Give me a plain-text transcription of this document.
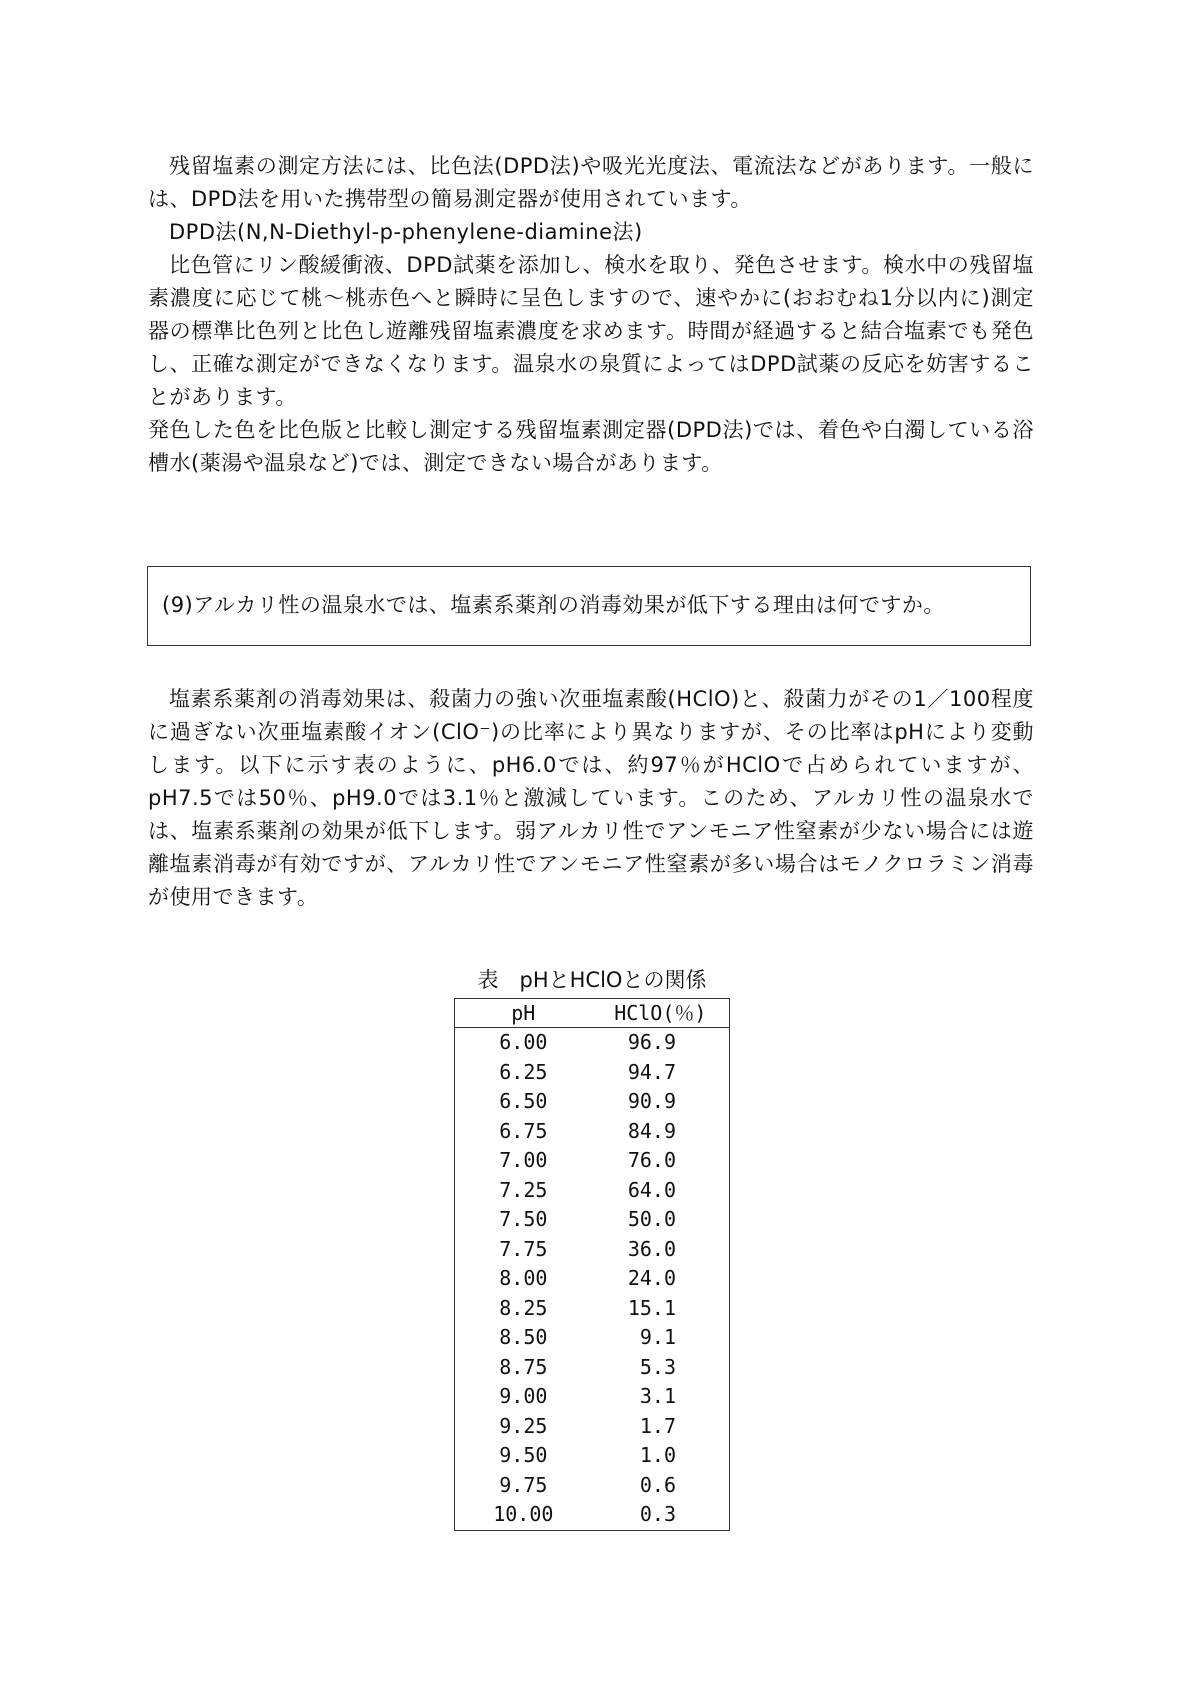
残留塩素の測定方法には、比色法(DPD法)や吸光光度法、電流法などがあります。一般には、DPD法を用いた携帯型の簡易測定器が使用されています。

DPD法(N,N-Diethyl-p-phenylene-diamine法)

比色管にリン酸緩衝液、DPD試薬を添加し、検水を取り、発色させます。検水中の残留塩素濃度に応じて桃～桃赤色へと瞬時に呈色しますので、速やかに(おおむね1分以内に)測定器の標準比色列と比色し遊離残留塩素濃度を求めます。時間が経過すると結合塩素でも発色し、正確な測定ができなくなります。温泉水の泉質によってはDPD試薬の反応を妨害することがあります。

発色した色を比色版と比較し測定する残留塩素測定器(DPD法)では、着色や白濁している浴槽水(薬湯や温泉など)では、測定できない場合があります。

(9)アルカリ性の温泉水では、塩素系薬剤の消毒効果が低下する理由は何ですか。

塩素系薬剤の消毒効果は、殺菌力の強い次亜塩素酸(HClO)と、殺菌力がその1／100程度に過ぎない次亜塩素酸イオン(ClO⁻)の比率により異なりますが、その比率はpHにより変動します。以下に示す表のように、pH6.0では、約97％がHClOで占められていますが、pH7.5では50％、pH9.0では3.1％と激減しています。このため、アルカリ性の温泉水では、塩素系薬剤の効果が低下します。弱アルカリ性でアンモニア性窒素が少ない場合には遊離塩素消毒が有効ですが、アルカリ性でアンモニア性窒素が多い場合はモノクロラミン消毒が使用できます。

表　pHとHClOとの関係

pH	HClO(％)
6.00	96.9
6.25	94.7
6.50	90.9
6.75	84.9
7.00	76.0
7.25	64.0
7.50	50.0
7.75	36.0
8.00	24.0
8.25	15.1
8.50	9.1
8.75	5.3
9.00	3.1
9.25	1.7
9.50	1.0
9.75	0.6
10.00	0.3
